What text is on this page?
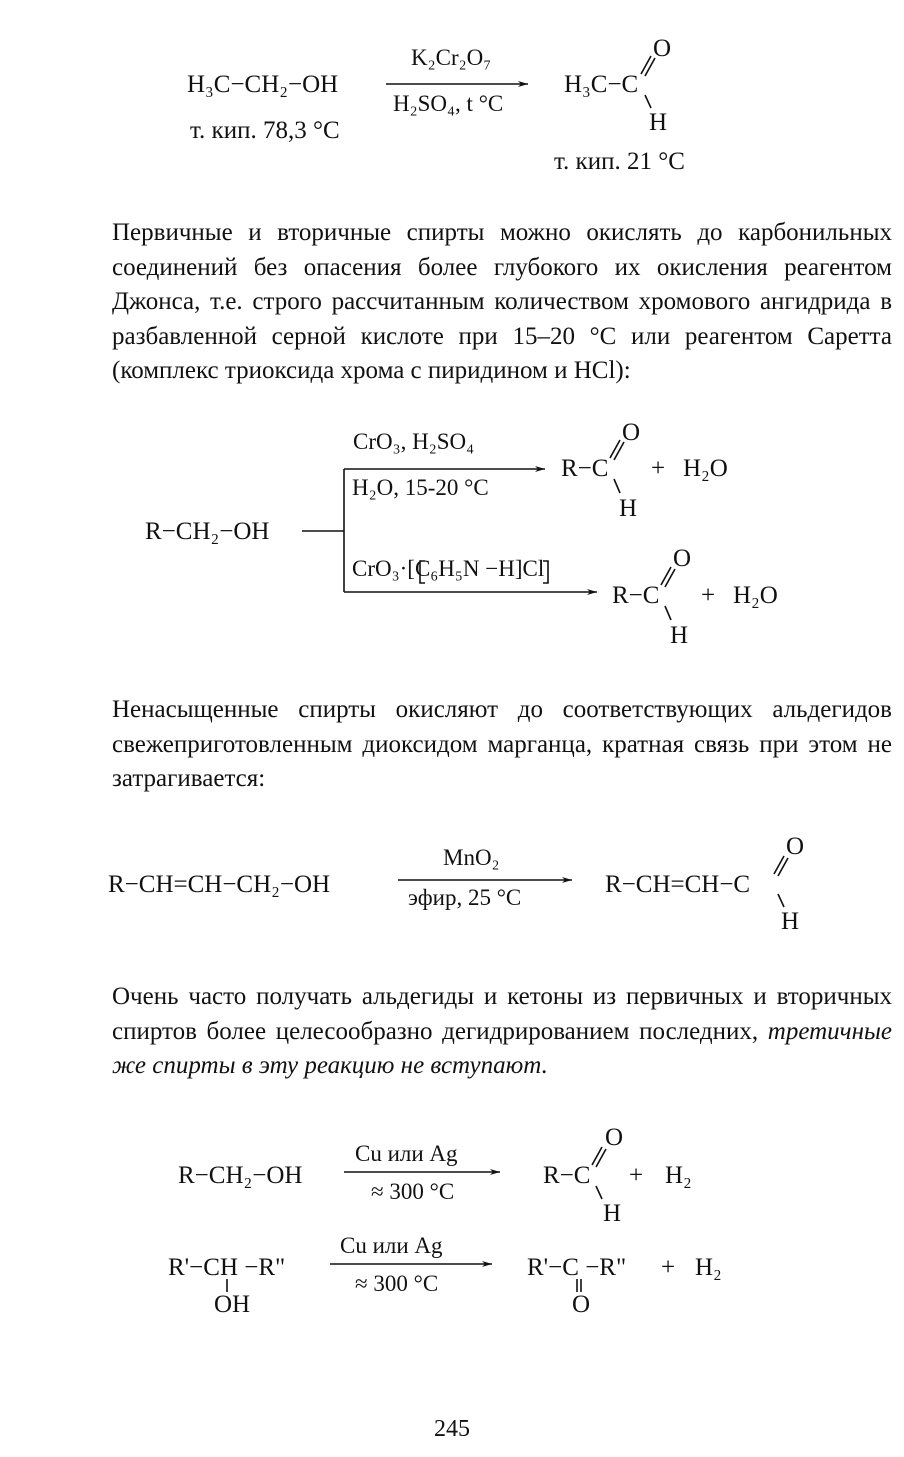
H₃C−CH₂−OH
K₂Cr₂O₇
H₂SO₄, t °C
H₃C−C
O
H
т. кип. 78,3 °C
т. кип. 21 °C

Первичные и вторичные спирты можно окислять до карбонильных соединений без опасения более глубокого их окисления реагентом Джонса, т.е. строго рассчитанным количеством хромового ангидрида в разбавленной серной кислоте при 15–20 °C или реагентом Саретта (комплекс триоксида хрома с пиридином и HCl):

R−CH₂−OH
CrO₃, H₂SO₄
H₂O, 15-20 °C
CrO₃·[C₆H₅N −H]Cl
R−C
O
H
+ H₂O
R−C
O
H
+ H₂O

Ненасыщенные спирты окисляют до соответствующих альдегидов свежеприготовленным диоксидом марганца, кратная связь при этом не затрагивается:

R−CH=CH−CH₂−OH
MnO₂
эфир, 25 °C	R−CH=CH−C
O
H

Очень часто получать альдегиды и кетоны из первичных и вторичных спиртов более целесообразно дегидрированием последних, третичные же спирты в эту реакцию не вступают.

R−CH₂−OH
Cu или Ag
≈ 300 °C
R−C
O
H
+ H₂
R'−CH −R"
OH
Cu или Ag
≈ 300 °C
R'−C −R"
O
+ H₂
245
